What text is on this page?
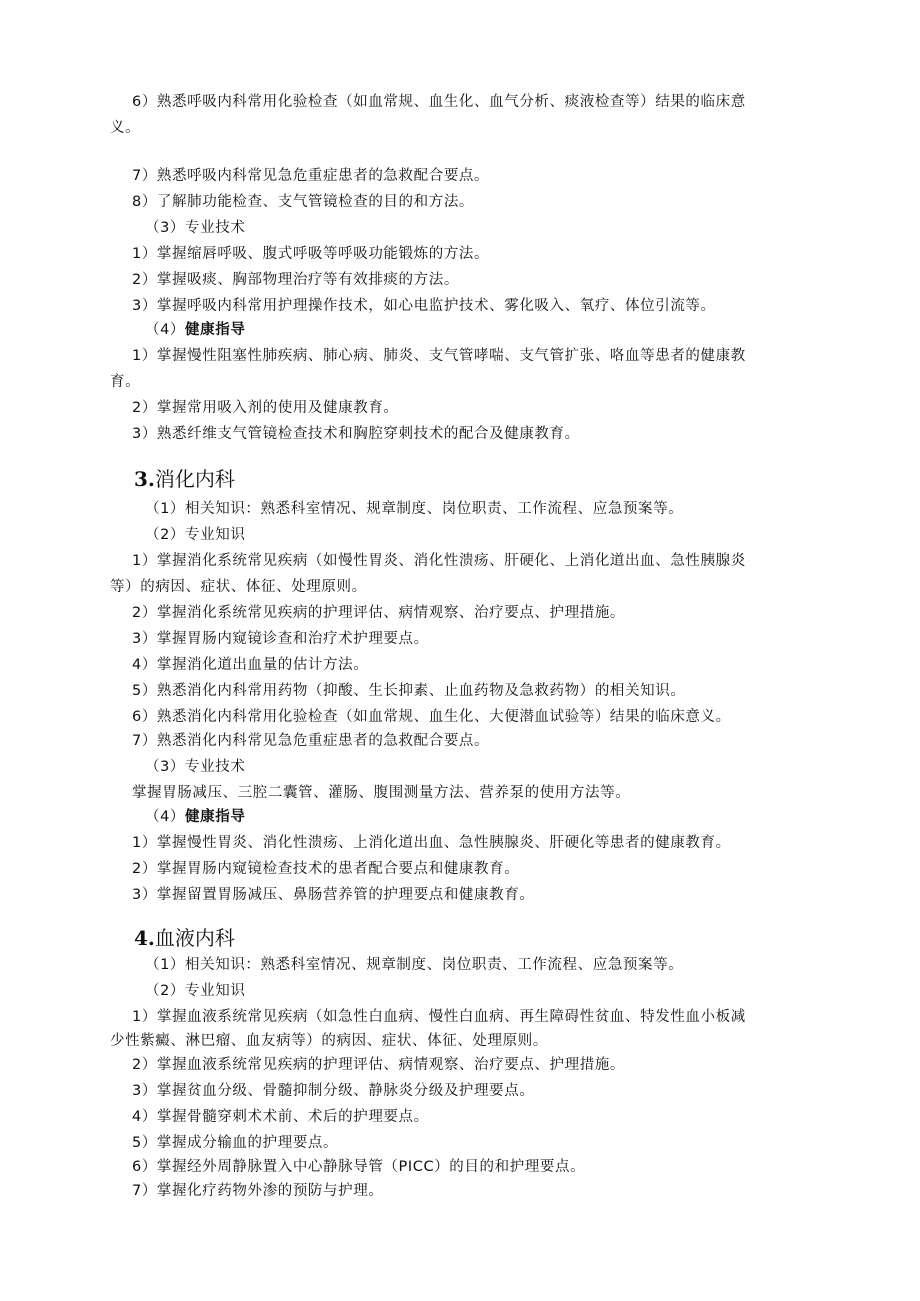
6）熟悉呼吸内科常用化验检查（如血常规、血生化、血气分析、痰液检查等）结果的临床意
义。
7）熟悉呼吸内科常见急危重症患者的急救配合要点。
8）了解肺功能检查、支气管镜检查的目的和方法。
（3）专业技术
1）掌握缩唇呼吸、腹式呼吸等呼吸功能锻炼的方法。
2）掌握吸痰、胸部物理治疗等有效排痰的方法。
3）掌握呼吸内科常用护理操作技术，如心电监护技术、雾化吸入、氧疗、体位引流等。
（4）健康指导
1）掌握慢性阻塞性肺疾病、肺心病、肺炎、支气管哮喘、支气管扩张、咯血等患者的健康教
育。
2）掌握常用吸入剂的使用及健康教育。
3）熟悉纤维支气管镜检查技术和胸腔穿刺技术的配合及健康教育。
3.消化内科
（1）相关知识：熟悉科室情况、规章制度、岗位职责、工作流程、应急预案等。
（2）专业知识
1）掌握消化系统常见疾病（如慢性胃炎、消化性溃疡、肝硬化、上消化道出血、急性胰腺炎
等）的病因、症状、体征、处理原则。
2）掌握消化系统常见疾病的护理评估、病情观察、治疗要点、护理措施。
3）掌握胃肠内窥镜诊查和治疗术护理要点。
4）掌握消化道出血量的估计方法。
5）熟悉消化内科常用药物（抑酸、生长抑素、止血药物及急救药物）的相关知识。
6）熟悉消化内科常用化验检查（如血常规、血生化、大便潜血试验等）结果的临床意义。
7）熟悉消化内科常见急危重症患者的急救配合要点。
（3）专业技术
掌握胃肠减压、三腔二囊管、灌肠、腹围测量方法、营养泵的使用方法等。
（4）健康指导
1）掌握慢性胃炎、消化性溃疡、上消化道出血、急性胰腺炎、肝硬化等患者的健康教育。
2）掌握胃肠内窥镜检查技术的患者配合要点和健康教育。
3）掌握留置胃肠减压、鼻肠营养管的护理要点和健康教育。
4.血液内科
（1）相关知识：熟悉科室情况、规章制度、岗位职责、工作流程、应急预案等。
（2）专业知识
1）掌握血液系统常见疾病（如急性白血病、慢性白血病、再生障碍性贫血、特发性血小板减
少性紫癜、淋巴瘤、血友病等）的病因、症状、体征、处理原则。
2）掌握血液系统常见疾病的护理评估、病情观察、治疗要点、护理措施。
3）掌握贫血分级、骨髓抑制分级、静脉炎分级及护理要点。
4）掌握骨髓穿刺术术前、术后的护理要点。
5）掌握成分输血的护理要点。
6）掌握经外周静脉置入中心静脉导管（PICC）的目的和护理要点。
7）掌握化疗药物外渗的预防与护理。
